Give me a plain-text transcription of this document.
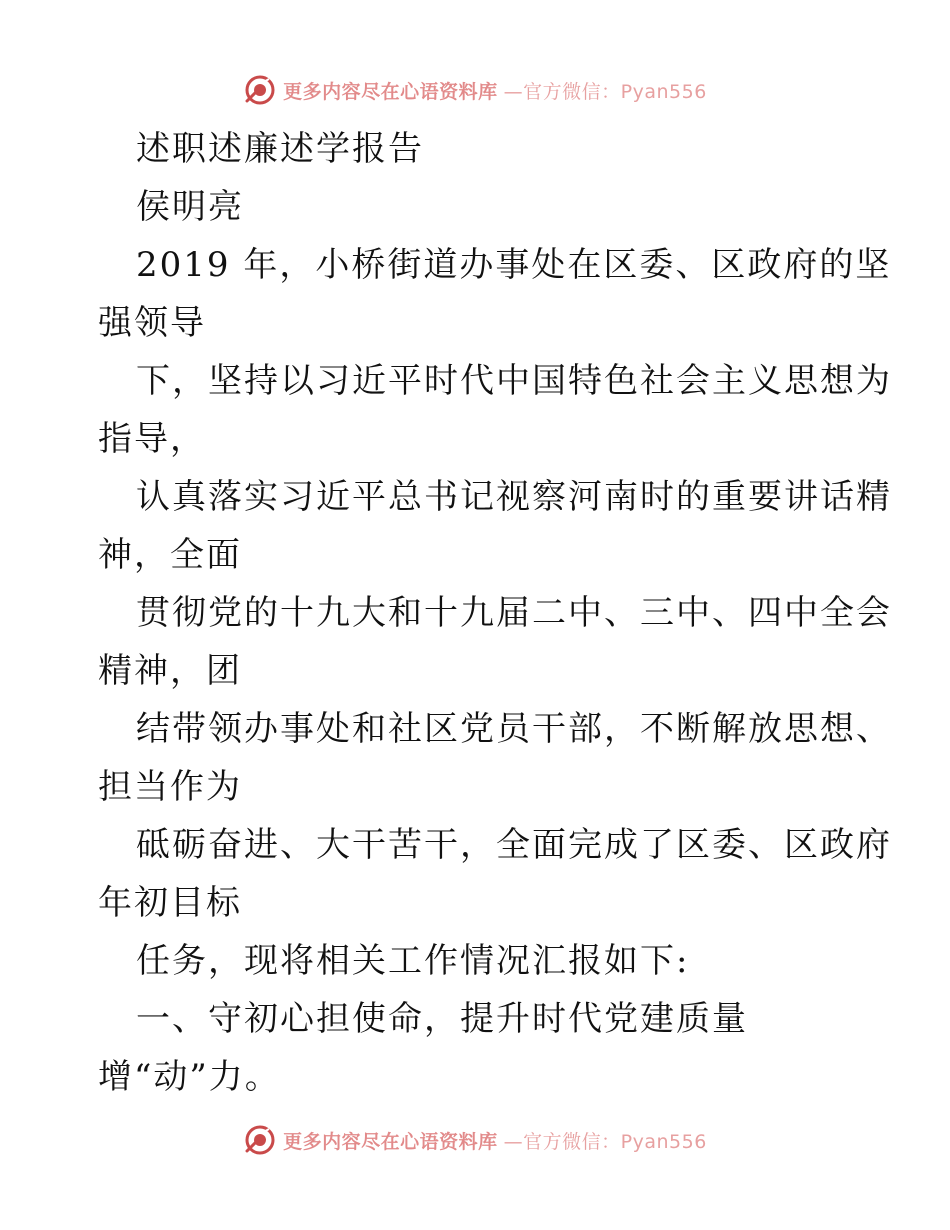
更多内容尽在心语资料库 —官方微信：Pyan556
述职述廉述学报告
侯明亮
2019 年，小桥街道办事处在区委、区政府的坚
强领导
下，坚持以习近平时代中国特色社会主义思想为
指导，
认真落实习近平总书记视察河南时的重要讲话精
神，全面
贯彻党的十九大和十九届二中、三中、四中全会
精神，团
结带领办事处和社区党员干部，不断解放思想、
担当作为
砥砺奋进、大干苦干，全面完成了区委、区政府
年初目标
任务，现将相关工作情况汇报如下:
一、守初心担使命，提升时代党建质量
增“动”力。
更多内容尽在心语资料库 —官方微信：Pyan556
